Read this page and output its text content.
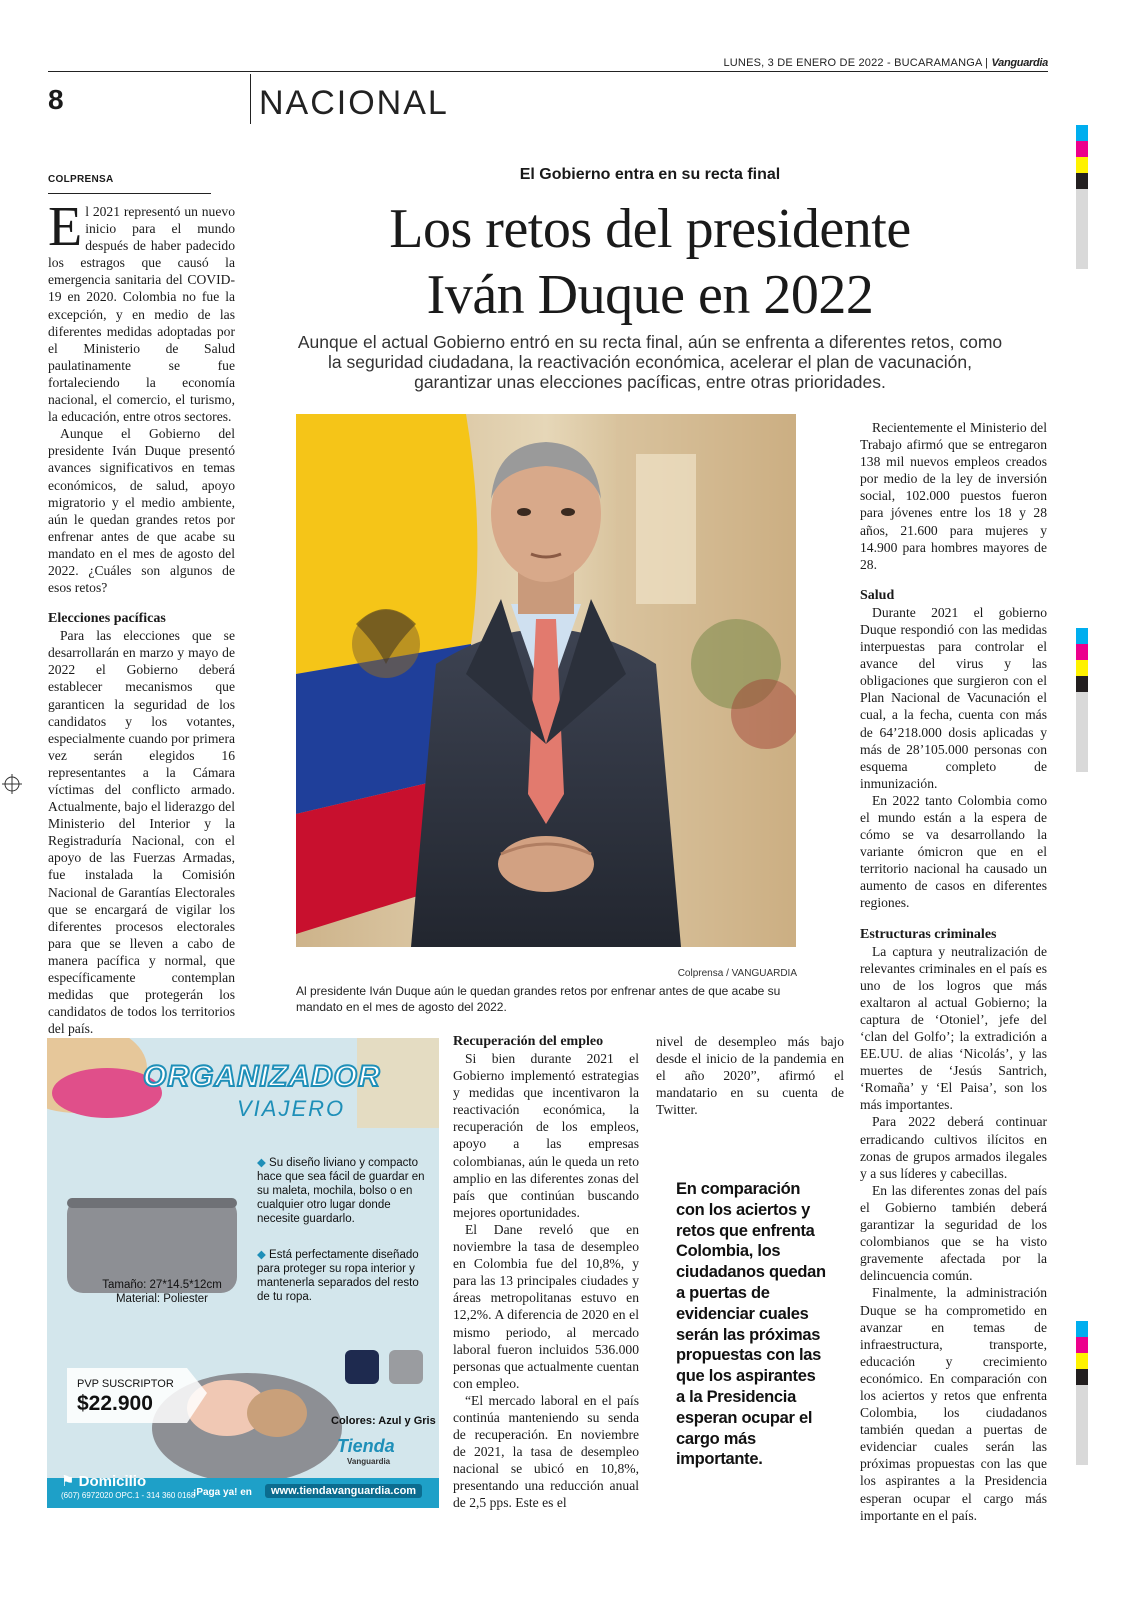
LUNES, 3 DE ENERO DE 2022 - BUCARAMANGA | Vanguardia
8	NACIONAL
COLPRENSA

El 2021 representó un nuevo inicio para el mundo después de haber padecido los estragos que causó la emergencia sanitaria del COVID-19 en 2020. Colombia no fue la excepción, y en medio de las diferentes medidas adoptadas por el Ministerio de Salud paulatinamente se fue fortaleciendo la economía nacional, el comercio, el turismo, la educación, entre otros sectores.

Aunque el Gobierno del presidente Iván Duque presentó avances significativos en temas económicos, de salud, apoyo migratorio y el medio ambiente, aún le quedan grandes retos por enfrenar antes de que acabe su mandato en el mes de agosto del 2022. ¿Cuáles son algunos de esos retos?

Elecciones pacíficas

Para las elecciones que se desarrollarán en marzo y mayo de 2022 el Gobierno deberá establecer mecanismos que garanticen la seguridad de los candidatos y los votantes, especialmente cuando por primera vez serán elegidos 16 representantes a la Cámara víctimas del conflicto armado. Actualmente, bajo el liderazgo del Ministerio del Interior y la Registraduría Nacional, con el apoyo de las Fuerzas Armadas, fue instalada la Comisión Nacional de Garantías Electorales que se encargará de vigilar los diferentes procesos electorales para que se lleven a cabo de manera pacífica y normal, que específicamente contemplan medidas que protegerán los candidatos de todos los territorios del país.

El Gobierno entra en su recta final
Los retos del presidente
Iván Duque en 2022
Aunque el actual Gobierno entró en su recta final, aún se enfrenta a diferentes retos, como la seguridad ciudadana, la reactivación económica, acelerar el plan de vacunación, garantizar unas elecciones pacíficas, entre otras prioridades.
Colprensa / VANGUARDIA
Al presidente Iván Duque aún le quedan grandes retos por enfrenar antes de que acabe su mandato en el mes de agosto del 2022.

Recientemente el Ministerio del Trabajo afirmó que se entregaron 138 mil nuevos empleos creados por medio de la ley de inversión social, 102.000 puestos fueron para jóvenes entre los 18 y 28 años, 21.600 para mujeres y 14.900 para hombres mayores de 28.

Salud

Durante 2021 el gobierno Duque respondió con las medidas interpuestas para controlar el avance del virus y las obligaciones que surgieron con el Plan Nacional de Vacunación el cual, a la fecha, cuenta con más de 64’218.000 dosis aplicadas y más de 28’105.000 personas con esquema completo de inmunización.

En 2022 tanto Colombia como el mundo están a la espera de cómo se va desarrollando la variante ómicron que en el territorio nacional ha causado un aumento de casos en diferentes regiones.

Estructuras criminales

La captura y neutralización de relevantes criminales en el país es uno de los logros que más exaltaron al actual Gobierno; la captura de ‘Otoniel’, jefe del ‘clan del Golfo’; la extradición a EE.UU. de alias ‘Nicolás’, y las muertes de ‘Jesús Santrich, ‘Romaña’ y ‘El Paisa’, son los más importantes.

Para 2022 deberá continuar erradicando cultivos ilícitos en zonas de grupos armados ilegales y a sus líderes y cabecillas.

En las diferentes zonas del país el Gobierno también deberá garantizar la seguridad de los colombianos que se ha visto gravemente afectada por la delincuencia común.

Finalmente, la administración Duque se ha comprometido en avanzar en temas de infraestructura, transporte, educación y crecimiento económico. En comparación con los aciertos y retos que enfrenta Colombia, los ciudadanos también quedan a puertas de evidenciar cuales serán las próximas propuestas con las que los aspirantes a la Presidencia esperan ocupar el cargo más importante en el país.

Recuperación del empleo

Si bien durante 2021 el Gobierno implementó estrategias y medidas que incentivaron la reactivación económica, la recuperación de los empleos, apoyo a las empresas colombianas, aún le queda un reto amplio en las diferentes zonas del país que continúan buscando mejores oportunidades.

El Dane reveló que en noviembre la tasa de desempleo en Colombia fue del 10,8%, y para las 13 principales ciudades y áreas metropolitanas estuvo en 12,2%. A diferencia de 2020 en el mismo periodo, al mercado laboral fueron incluidos 536.000 personas que actualmente cuentan con empleo.

“El mercado laboral en el país continúa manteniendo su senda de recuperación. En noviembre de 2021, la tasa de desempleo nacional se ubicó en 10,8%, presentando una reducción anual de 2,5 pps. Este es el

nivel de desempleo más bajo desde el inicio de la pandemia en el año 2020”, afirmó el mandatario en su cuenta de Twitter.

En comparación con los aciertos y retos que enfrenta Colombia, los ciudadanos quedan a puertas de evidenciar cuales serán las próximas propuestas con las que los aspirantes a la Presidencia esperan ocupar el cargo más importante.
ORGANIZADOR
VIAJERO
◆ Su diseño liviano y compacto hace que sea fácil de guardar en su maleta, mochila, bolso o en cualquier otro lugar donde necesite guardarlo.
◆ Está perfectamente diseñado para proteger su ropa interior y mantenerla separados del resto de tu ropa.
Tamaño: 27*14.5*12cm
Material: Poliester
PVP SUSCRIPTOR
$22.900
Colores: Azul y Gris
Tienda
Vanguardia
⚑ Domicilio
(607) 6972020 OPC.1 - 314 360 0168
¡Paga ya! en	www.tiendavanguardia.com
